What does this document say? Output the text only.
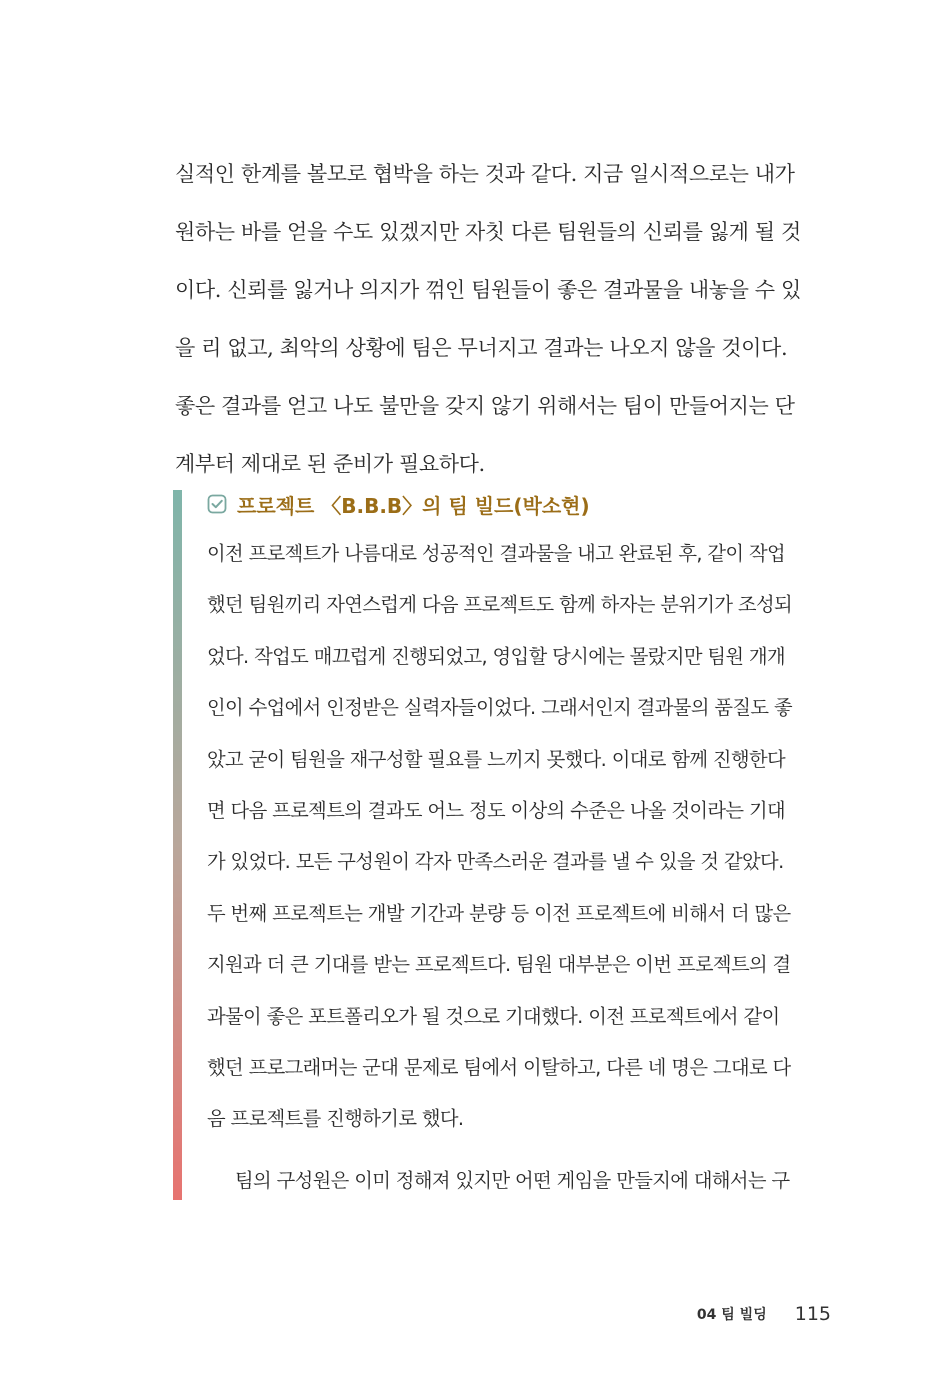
실적인 한계를 볼모로 협박을 하는 것과 같다. 지금 일시적으로는 내가
원하는 바를 얻을 수도 있겠지만 자칫 다른 팀원들의 신뢰를 잃게 될 것
이다. 신뢰를 잃거나 의지가 꺾인 팀원들이 좋은 결과물을 내놓을 수 있
을 리 없고, 최악의 상황에 팀은 무너지고 결과는 나오지 않을 것이다.
좋은 결과를 얻고 나도 불만을 갖지 않기 위해서는 팀이 만들어지는 단
계부터 제대로 된 준비가 필요하다.
프로젝트 〈B.B.B〉의 팀 빌드(박소현)
이전 프로젝트가 나름대로 성공적인 결과물을 내고 완료된 후, 같이 작업
했던 팀원끼리 자연스럽게 다음 프로젝트도 함께 하자는 분위기가 조성되
었다. 작업도 매끄럽게 진행되었고, 영입할 당시에는 몰랐지만 팀원 개개
인이 수업에서 인정받은 실력자들이었다. 그래서인지 결과물의 품질도 좋
았고 굳이 팀원을 재구성할 필요를 느끼지 못했다. 이대로 함께 진행한다
면 다음 프로젝트의 결과도 어느 정도 이상의 수준은 나올 것이라는 기대
가 있었다. 모든 구성원이 각자 만족스러운 결과를 낼 수 있을 것 같았다.
두 번째 프로젝트는 개발 기간과 분량 등 이전 프로젝트에 비해서 더 많은
지원과 더 큰 기대를 받는 프로젝트다. 팀원 대부분은 이번 프로젝트의 결
과물이 좋은 포트폴리오가 될 것으로 기대했다. 이전 프로젝트에서 같이
했던 프로그래머는 군대 문제로 팀에서 이탈하고, 다른 네 명은 그대로 다
음 프로젝트를 진행하기로 했다.
팀의 구성원은 이미 정해져 있지만 어떤 게임을 만들지에 대해서는 구
04 팀 빌딩 115
